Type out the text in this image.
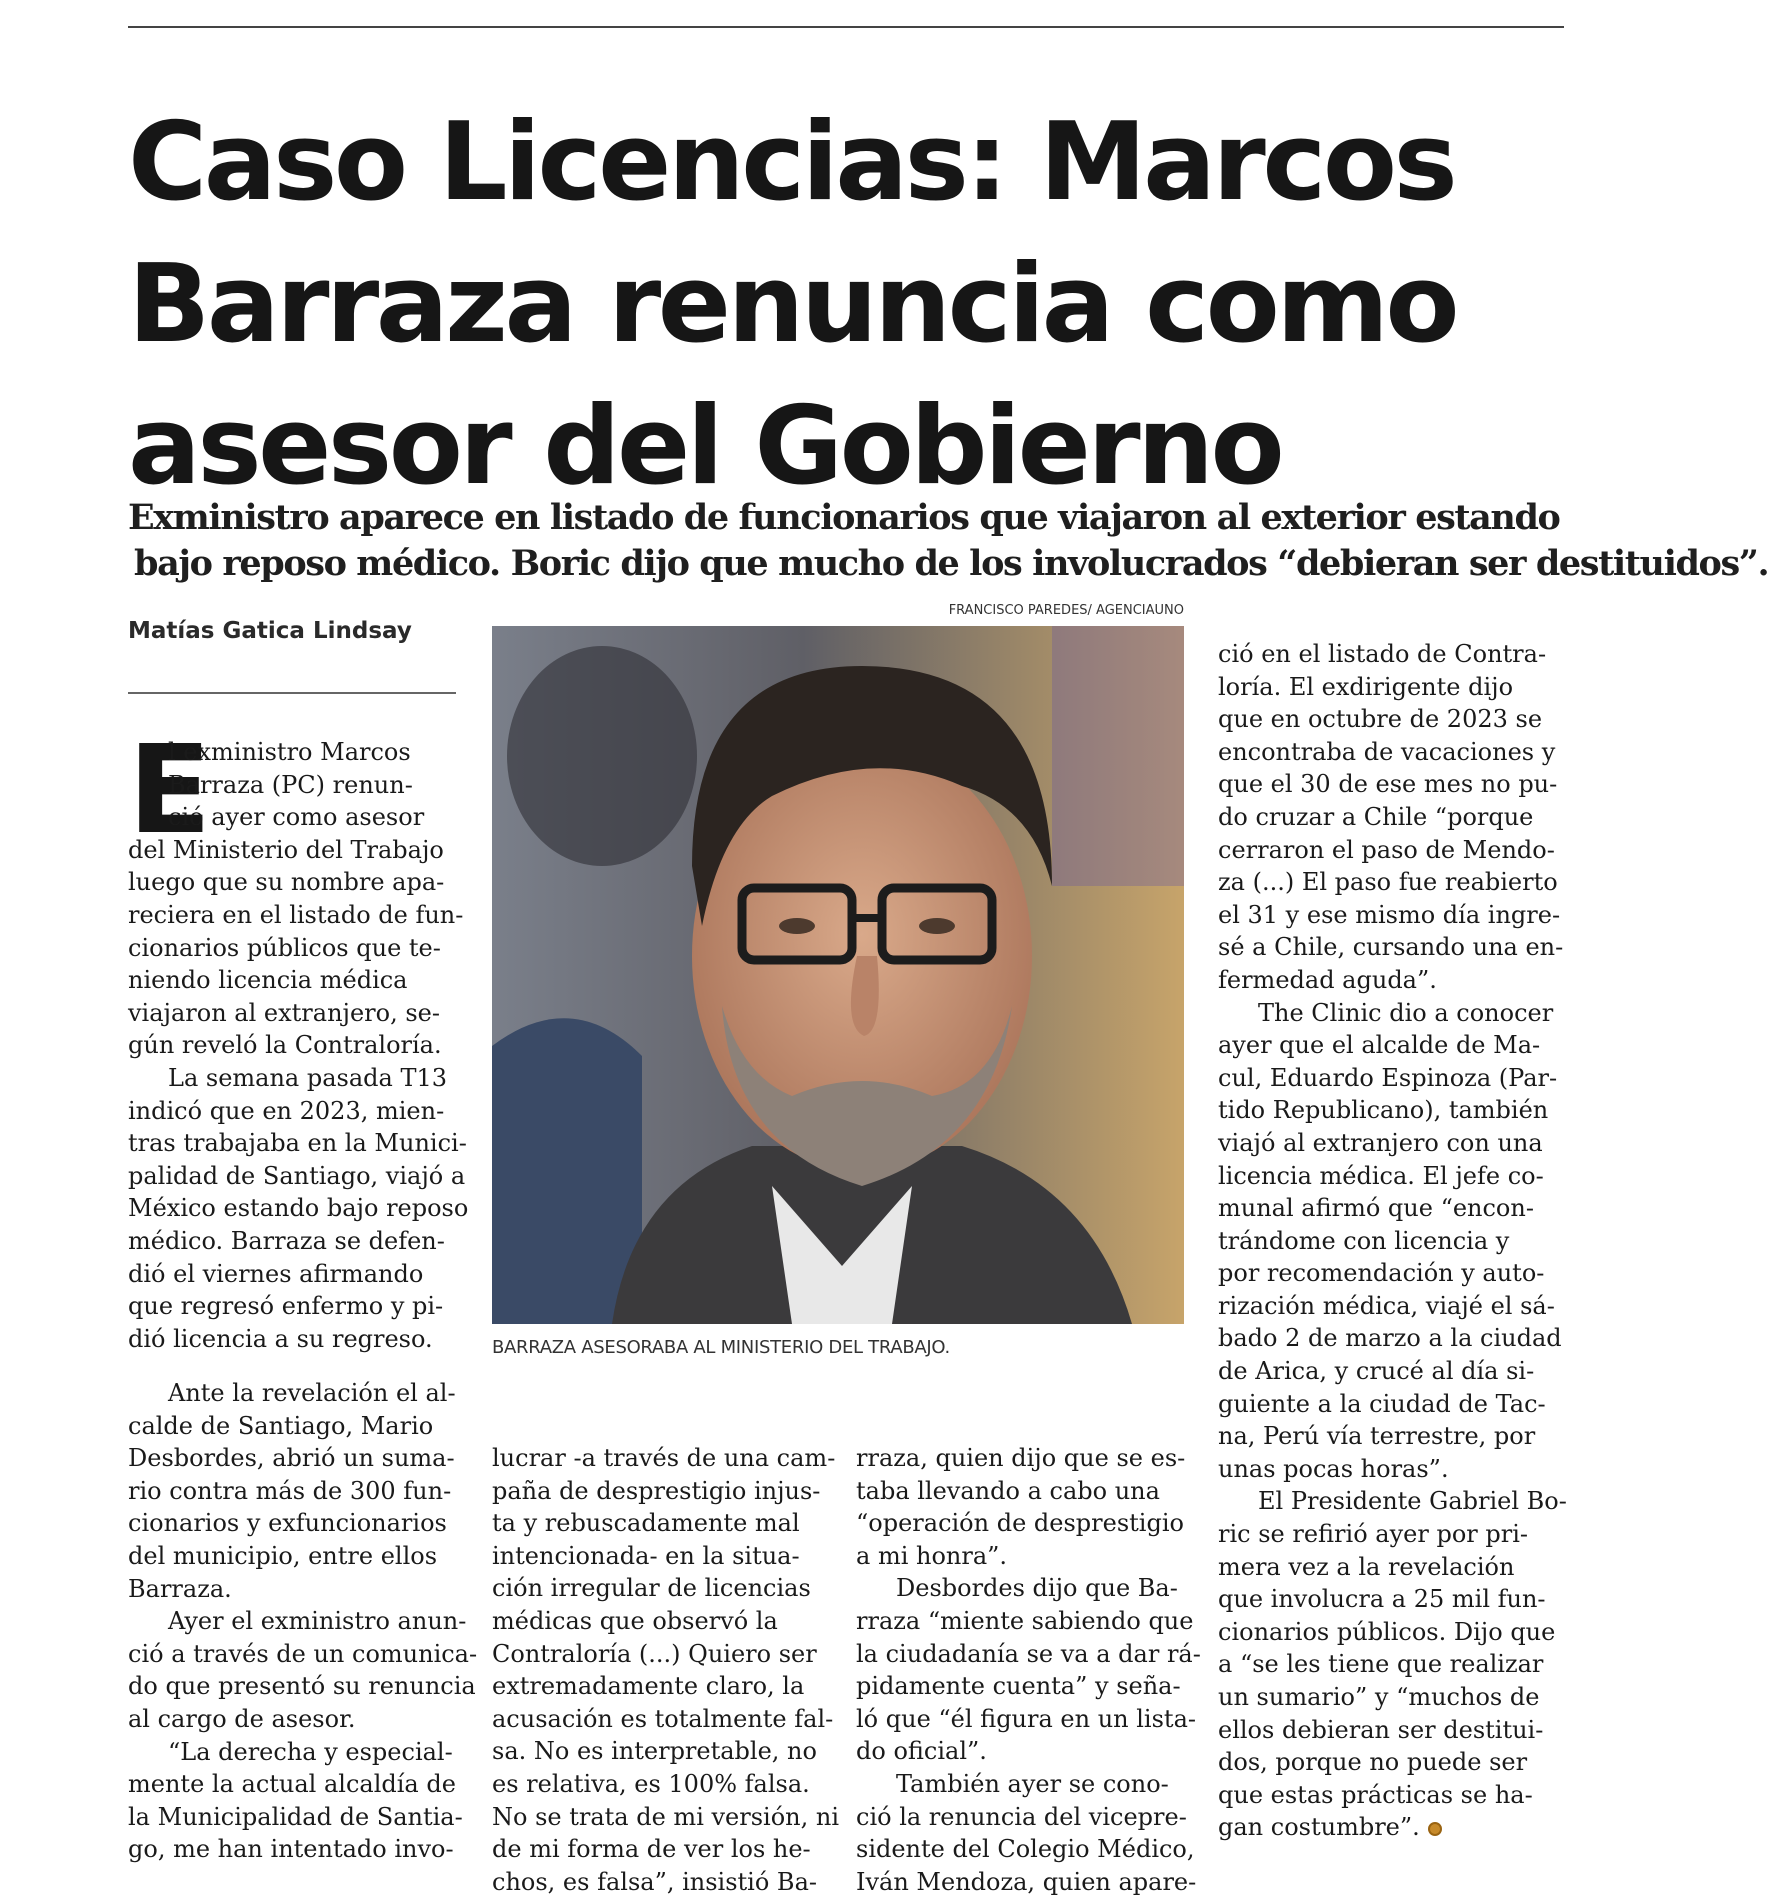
Caso Licencias: Marcos
Barraza renuncia como
asesor del Gobierno

Exministro aparece en listado de funcionarios que viajaron al exterior estando
bajo reposo médico. Boric dijo que mucho de los involucrados “debieran ser destituidos”.

Matías Gatica Lindsay
FRANCISCO PAREDES/ AGENCIAUNO
BARRAZA ASESORABA AL MINISTERIO DEL TRABAJO.
E
l exministro Marcos
Barraza (PC) renun-
ció ayer como asesor
del Ministerio del Trabajo
luego que su nombre apa-
reciera en el listado de fun-
cionarios públicos que te-
niendo licencia médica
viajaron al extranjero, se-
gún reveló la Contraloría.
La semana pasada T13
indicó que en 2023, mien-
tras trabajaba en la Munici-
palidad de Santiago, viajó a
México estando bajo reposo
médico. Barraza se defen-
dió el viernes afirmando
que regresó enfermo y pi-
dió licencia a su regreso.
Ante la revelación el al-
calde de Santiago, Mario
Desbordes, abrió un suma-
rio contra más de 300 fun-
cionarios y exfuncionarios
del municipio, entre ellos
Barraza.
Ayer el exministro anun-
ció a través de un comunica-
do que presentó su renuncia
al cargo de asesor.
“La derecha y especial-
mente la actual alcaldía de
la Municipalidad de Santia-
go, me han intentado invo-
lucrar -a través de una cam-
paña de desprestigio injus-
ta y rebuscadamente mal
intencionada- en la situa-
ción irregular de licencias
médicas que observó la
Contraloría (...) Quiero ser
extremadamente claro, la
acusación es totalmente fal-
sa. No es interpretable, no
es relativa, es 100% falsa.
No se trata de mi versión, ni
de mi forma de ver los he-
chos, es falsa”, insistió Ba-
rraza, quien dijo que se es-
taba llevando a cabo una
“operación de desprestigio
a mi honra”.
Desbordes dijo que Ba-
rraza “miente sabiendo que
la ciudadanía se va a dar rá-
pidamente cuenta” y seña-
ló que “él figura en un lista-
do oficial”.
También ayer se cono-
ció la renuncia del vicepre-
sidente del Colegio Médico,
Iván Mendoza, quien apare-
ció en el listado de Contra-
loría. El exdirigente dijo
que en octubre de 2023 se
encontraba de vacaciones y
que el 30 de ese mes no pu-
do cruzar a Chile “porque
cerraron el paso de Mendo-
za (...) El paso fue reabierto
el 31 y ese mismo día ingre-
sé a Chile, cursando una en-
fermedad aguda”.
The Clinic dio a conocer
ayer que el alcalde de Ma-
cul, Eduardo Espinoza (Par-
tido Republicano), también
viajó al extranjero con una
licencia médica. El jefe co-
munal afirmó que “encon-
trándome con licencia y
por recomendación y auto-
rización médica, viajé el sá-
bado 2 de marzo a la ciudad
de Arica, y crucé al día si-
guiente a la ciudad de Tac-
na, Perú vía terrestre, por
unas pocas horas”.
El Presidente Gabriel Bo-
ric se refirió ayer por pri-
mera vez a la revelación
que involucra a 25 mil fun-
cionarios públicos. Dijo que
a “se les tiene que realizar
un sumario” y “muchos de
ellos debieran ser destitui-
dos, porque no puede ser
que estas prácticas se ha-
gan costumbre”.
